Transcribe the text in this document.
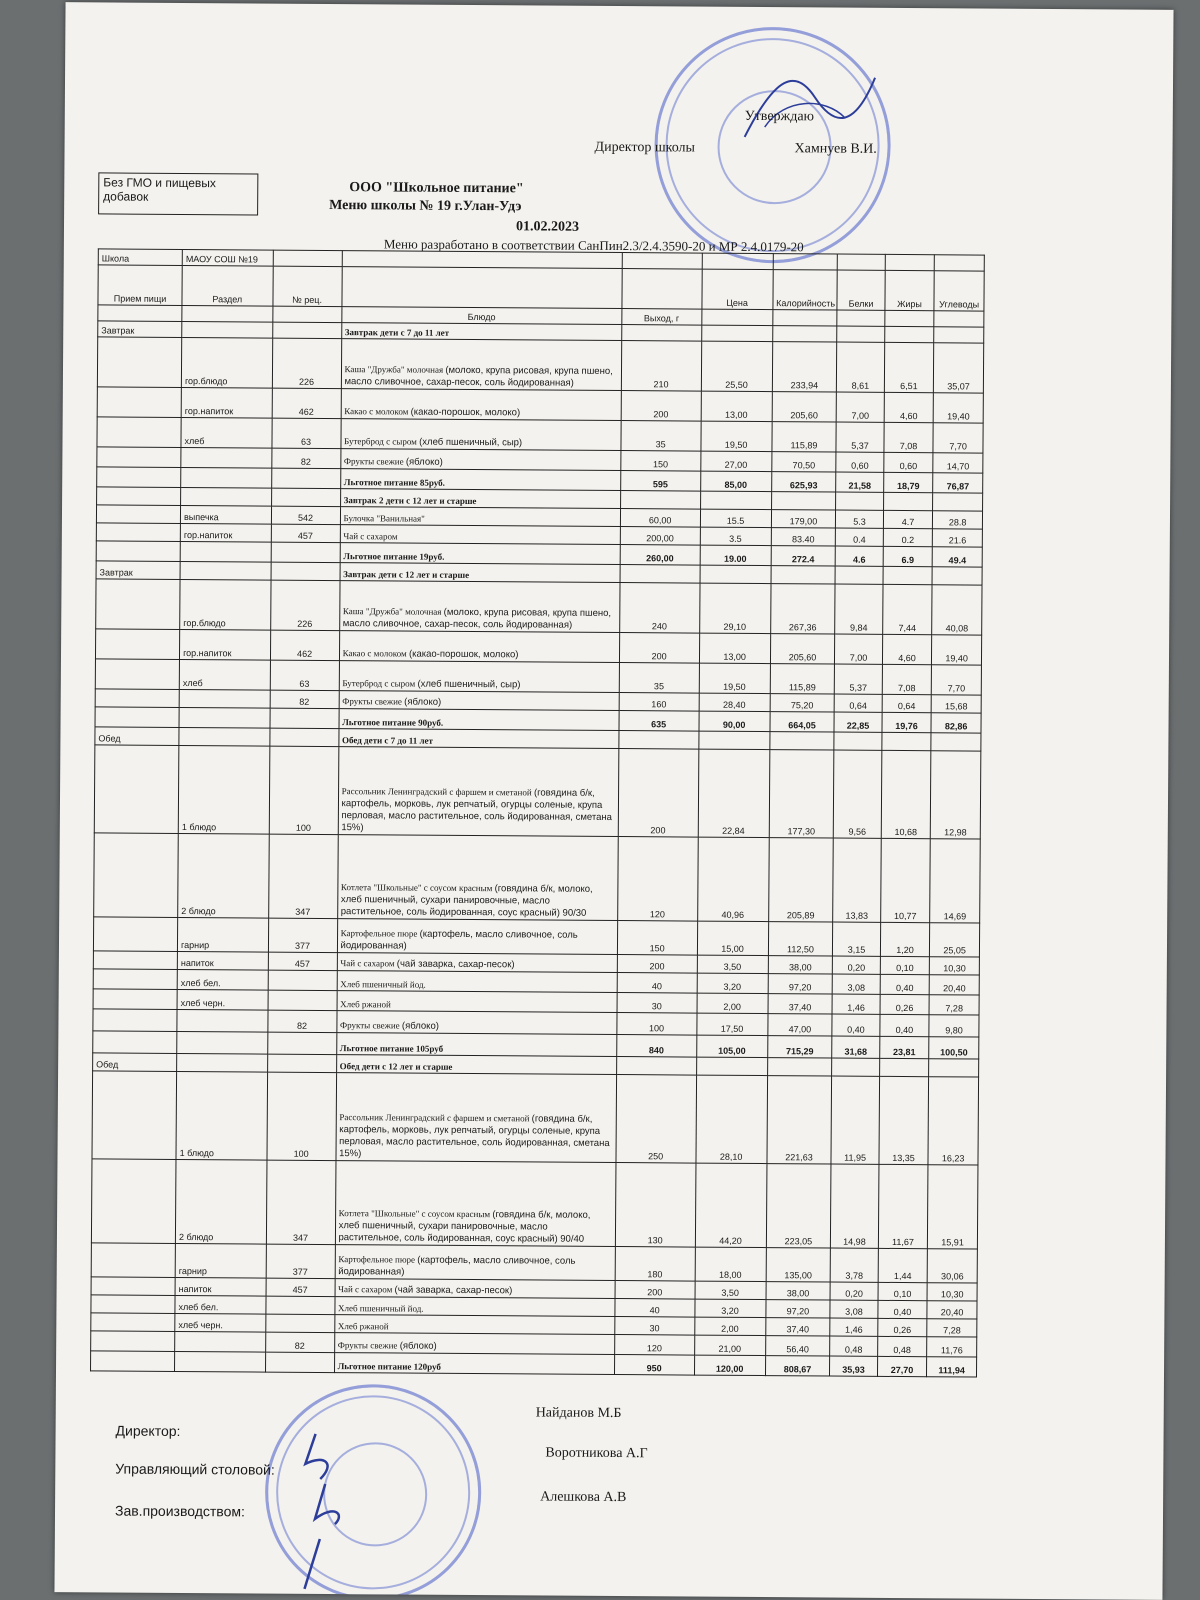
Утверждаю
Директор школы	Хамнуев В.И.
Без ГМО и пищевых добавок
ООО "Школьное питание"
Меню школы № 19 г.Улан-Удэ
01.02.2023
Меню разработано в соответствии СанПин2.3/2.4.3590-20 и МР 2.4.0179-20
Школа	МАОУ СОШ №19								
Прием пищи	Раздел	№ рец.			Цена	Калорийность	Белки	Жиры	Углеводы
			Блюдо	Выход, г					
Завтрак			Завтрак дети с 7 до 11 лет						
	гор.блюдо	226	Каша "Дружба" молочная (молоко, крупа рисовая, крупа пшено, масло сливочное, сахар-песок, соль йодированная)	210	25,50	233,94	8,61	6,51	35,07
	гор.напиток	462	Какао с молоком (какао-порошок, молоко)	200	13,00	205,60	7,00	4,60	19,40
	хлеб	63	Бутерброд с сыром (хлеб пшеничный, сыр)	35	19,50	115,89	5,37	7,08	7,70
		82	Фрукты свежие (яблоко)	150	27,00	70,50	0,60	0,60	14,70
			Льготное питание 85руб.	595	85,00	625,93	21,58	18,79	76,87
			Завтрак 2 дети с 12 лет и старше						
	выпечка	542	Булочка "Ванильная"	60,00	15.5	179,00	5.3	4.7	28.8
	гор.напиток	457	Чай с сахаром	200,00	3.5	83.40	0.4	0.2	21.6
			Льготное питание 19руб.	260,00	19.00	272.4	4.6	6.9	49.4
Завтрак			Завтрак дети с 12 лет и старше						
	гор.блюдо	226	Каша "Дружба" молочная (молоко, крупа рисовая, крупа пшено, масло сливочное, сахар-песок, соль йодированная)	240	29,10	267,36	9,84	7,44	40,08
	гор.напиток	462	Какао с молоком (какао-порошок, молоко)	200	13,00	205,60	7,00	4,60	19,40
	хлеб	63	Бутерброд с сыром (хлеб пшеничный, сыр)	35	19,50	115,89	5,37	7,08	7,70
		82	Фрукты свежие (яблоко)	160	28,40	75,20	0,64	0,64	15,68
			Льготное питание 90руб.	635	90,00	664,05	22,85	19,76	82,86
Обед			Обед дети с 7 до 11 лет						
	1 блюдо	100	Рассольник Ленинградский с фаршем и сметаной (говядина б/к, картофель, морковь, лук репчатый, огурцы соленые, крупа перловая, масло растительное, соль йодированная, сметана 15%)	200	22,84	177,30	9,56	10,68	12,98
	2 блюдо	347	Котлета "Школьные" с соусом красным (говядина б/к, молоко, хлеб пшеничный, сухари панировочные, масло растительное, соль йодированная, соус красный) 90/30	120	40,96	205,89	13,83	10,77	14,69
	гарнир	377	Картофельное пюре (картофель, масло сливочное, соль йодированная)	150	15,00	112,50	3,15	1,20	25,05
	напиток	457	Чай с сахаром (чай заварка, сахар-песок)	200	3,50	38,00	0,20	0,10	10,30
	хлеб бел.		Хлеб пшеничный йод.	40	3,20	97,20	3,08	0,40	20,40
	хлеб черн.		Хлеб ржаной	30	2,00	37,40	1,46	0,26	7,28
		82	Фрукты свежие (яблоко)	100	17,50	47,00	0,40	0,40	9,80
			Льготное питание 105руб	840	105,00	715,29	31,68	23,81	100,50
Обед			Обед дети с 12 лет и старше						
	1 блюдо	100	Рассольник Ленинградский с фаршем и сметаной (говядина б/к, картофель, морковь, лук репчатый, огурцы соленые, крупа перловая, масло растительное, соль йодированная, сметана 15%)	250	28,10	221,63	11,95	13,35	16,23
	2 блюдо	347	Котлета "Школьные" с соусом красным (говядина б/к, молоко, хлеб пшеничный, сухари панировочные, масло растительное, соль йодированная, соус красный) 90/40	130	44,20	223,05	14,98	11,67	15,91
	гарнир	377	Картофельное пюре (картофель, масло сливочное, соль йодированная)	180	18,00	135,00	3,78	1,44	30,06
	напиток	457	Чай с сахаром (чай заварка, сахар-песок)	200	3,50	38,00	0,20	0,10	10,30
	хлеб бел.		Хлеб пшеничный йод.	40	3,20	97,20	3,08	0,40	20,40
	хлеб черн.		Хлеб ржаной	30	2,00	37,40	1,46	0,26	7,28
		82	Фрукты свежие (яблоко)	120	21,00	56,40	0,48	0,48	11,76
			Льготное питание 120руб	950	120,00	808,67	35,93	27,70	111,94
Директор:
Найданов М.Б
Управляющий столовой:
Воротникова А.Г
Зав.производством:
Алешкова А.В
